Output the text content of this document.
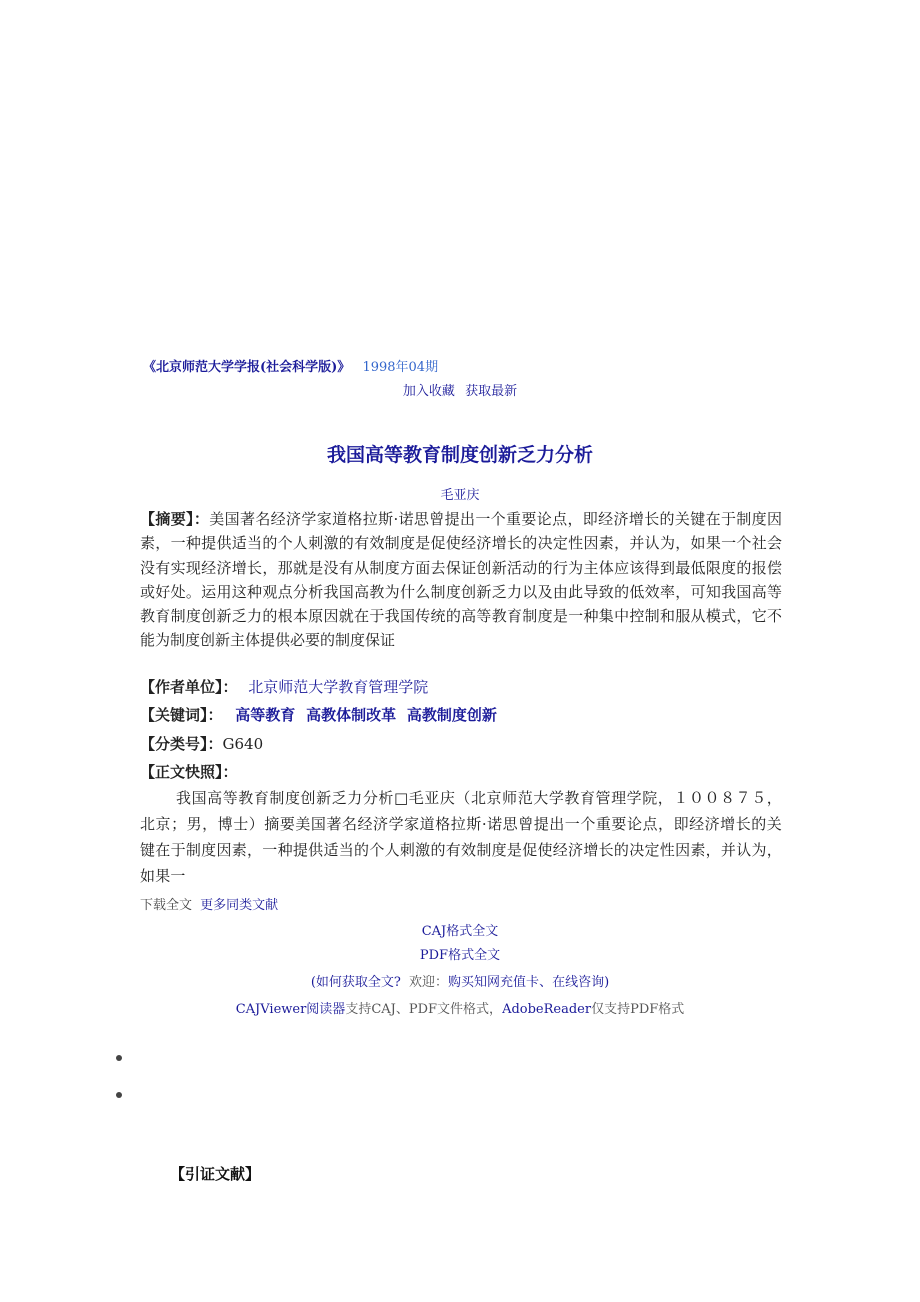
《北京师范大学学报(社会科学版)》 1998年04期
加入收藏 获取最新
我国高等教育制度创新乏力分析
毛亚庆
【摘要】：美国著名经济学家道格拉斯·诺思曾提出一个重要论点，即经济增长的关键在于制度因素，一种提供适当的个人刺激的有效制度是促使经济增长的决定性因素，并认为，如果一个社会没有实现经济增长，那就是没有从制度方面去保证创新活动的行为主体应该得到最低限度的报偿或好处。运用这种观点分析我国高教为什么制度创新乏力以及由此导致的低效率，可知我国高等教育制度创新乏力的根本原因就在于我国传统的高等教育制度是一种集中控制和服从模式，它不能为制度创新主体提供必要的制度保证
【作者单位】： 北京师范大学教育管理学院
【关键词】： 高等教育 高教体制改革 高教制度创新
【分类号】：G640
【正文快照】：
我国高等教育制度创新乏力分析□毛亚庆（北京师范大学教育管理学院，１００８７５，北京；男，博士）摘要美国著名经济学家道格拉斯·诺思曾提出一个重要论点，即经济增长的关键在于制度因素，一种提供适当的个人刺激的有效制度是促使经济增长的决定性因素，并认为，如果一
下载全文 更多同类文献
CAJ格式全文
PDF格式全文
(如何获取全文? 欢迎：购买知网充值卡、在线咨询)
CAJViewer阅读器支持CAJ、PDF文件格式，AdobeReader仅支持PDF格式
【引证文献】
